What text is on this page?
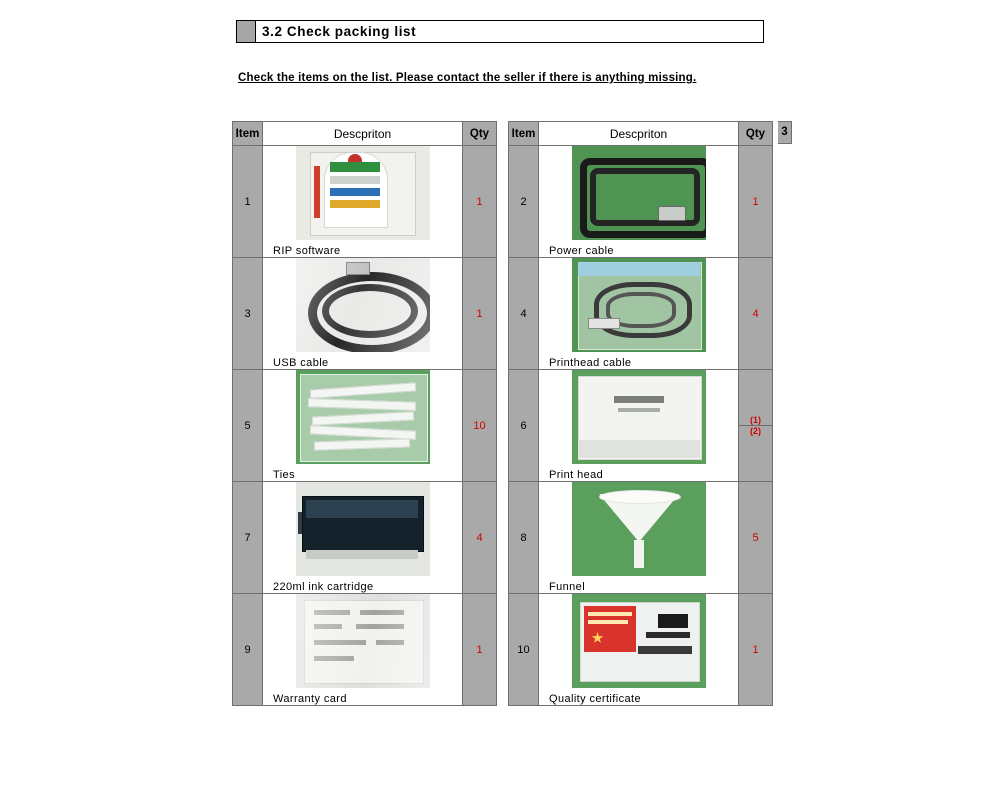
3.2 Check packing list
Check the items on the list. Please contact the seller if there is anything missing.
Item	Descpriton	Qty
1	RIP software	1
3	USB cable	1
5	Ties	10
7	220ml ink cartridge	4
9	Warranty card	1
Item	Descpriton	Qty
2	Power cable	1
4	Printhead cable	4
6	Print head	(1)
(2)

8	Funnel	5
10	Quality certificate	1
3
